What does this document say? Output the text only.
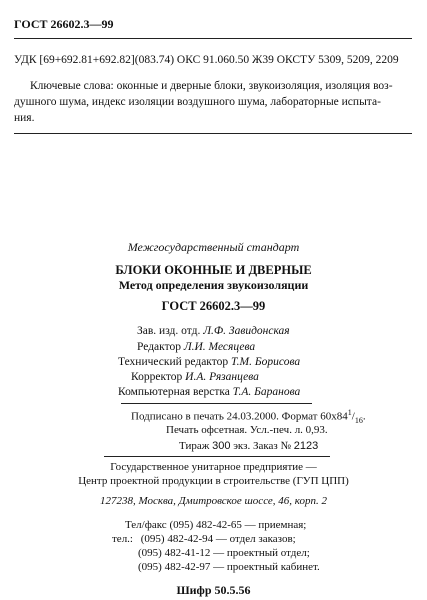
ГОСТ 26602.3—99
УДК [69+692.81+692.82](083.74) ОКС 91.060.50 Ж39 ОКСТУ 5309, 5209, 2209
Ключевые слова: оконные и дверные блоки, звукоизоляция, изоляция воз-
душного шума, индекс изоляции воздушного шума, лабораторные испыта-
ния.
Межгосударственный стандарт
БЛОКИ ОКОННЫЕ И ДВЕРНЫЕ
Метод определения звукоизоляции
ГОСТ 26602.3—99
Зав. изд. отд. Л.Ф. Завидонская
Редактор Л.И. Месяцева
Технический редактор Т.М. Борисова
Корректор И.А. Рязанцева
Компьютерная верстка Т.А. Баранова
Подписано в печать 24.03.2000. Формат $60x84^1/_{16}$.
Печать офсетная. Усл.-печ. л. 0,93.
Тираж 300 экз. Заказ № 2123
Государственное унитарное предприятие —
Центр проектной продукции в строительстве (ГУП ЦПП)
127238, Москва, Дмитровское шоссе, 46, корп. 2
Тел/факс (095) 482-42-65 — приемная;
тел.: (095) 482-42-94 — отдел заказов;
(095) 482-41-12 — проектный отдел;
(095) 482-42-97 — проектный кабинет.
Шифр 50.5.56
